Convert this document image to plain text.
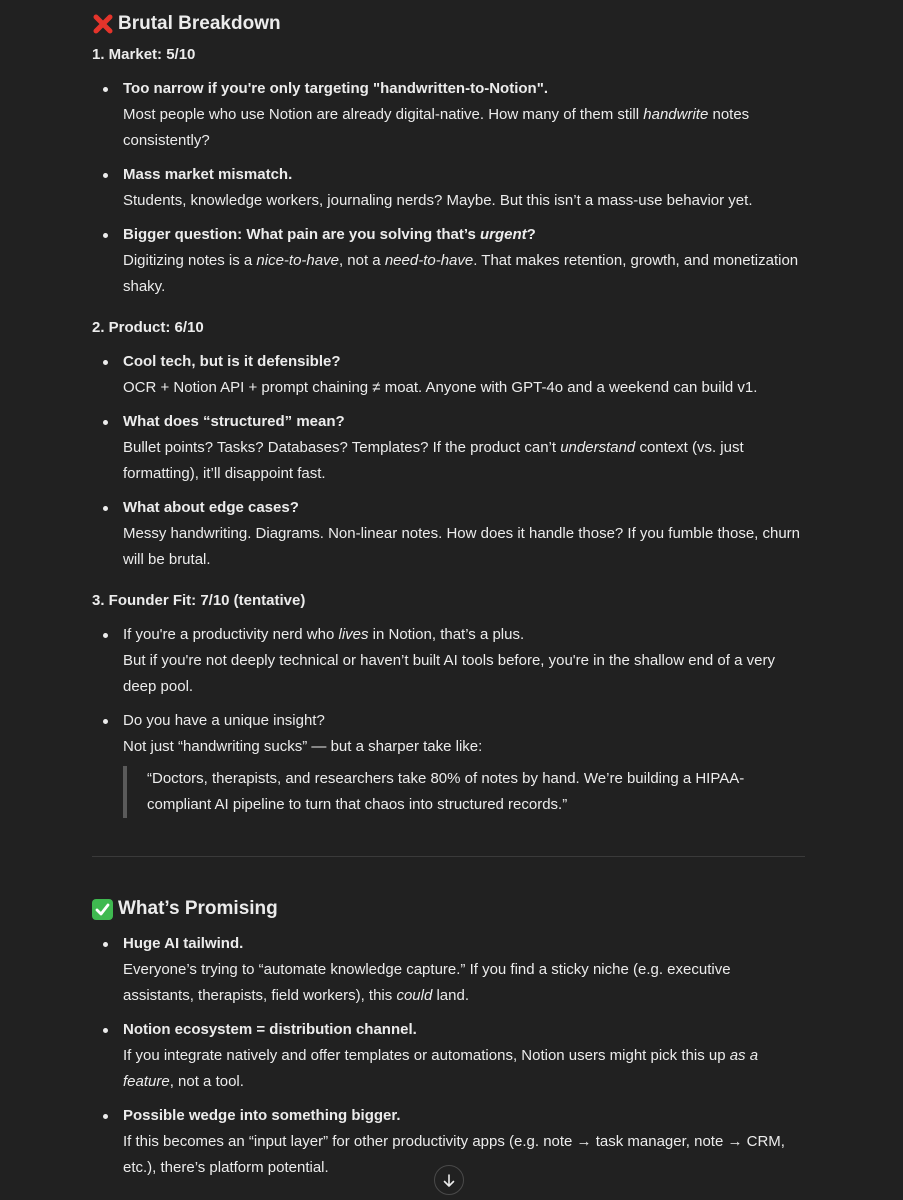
Brutal Breakdown
1. Market: 5/10
Too narrow if you're only targeting "handwritten-to-Notion".
Most people who use Notion are already digital-native. How many of them still handwrite notes consistently?
Mass market mismatch.
Students, knowledge workers, journaling nerds? Maybe. But this isn’t a mass-use behavior yet.
Bigger question: What pain are you solving that’s urgent?
Digitizing notes is a nice-to-have, not a need-to-have. That makes retention, growth, and monetization shaky.
2. Product: 6/10
Cool tech, but is it defensible?
OCR + Notion API + prompt chaining ≠ moat. Anyone with GPT-4o and a weekend can build v1.
What does “structured” mean?
Bullet points? Tasks? Databases? Templates? If the product can’t understand context (vs. just formatting), it’ll disappoint fast.
What about edge cases?
Messy handwriting. Diagrams. Non-linear notes. How does it handle those? If you fumble those, churn will be brutal.
3. Founder Fit: 7/10 (tentative)
If you're a productivity nerd who lives in Notion, that’s a plus.
But if you're not deeply technical or haven’t built AI tools before, you're in the shallow end of a very deep pool.
Do you have a unique insight?
Not just “handwriting sucks” — but a sharper take like:
“Doctors, therapists, and researchers take 80% of notes by hand. We’re building a HIPAA-compliant AI pipeline to turn that chaos into structured records.”
What’s Promising
Huge AI tailwind.
Everyone’s trying to “automate knowledge capture.” If you find a sticky niche (e.g. executive assistants, therapists, field workers), this could land.
Notion ecosystem = distribution channel.
If you integrate natively and offer templates or automations, Notion users might pick this up as a feature, not a tool.
Possible wedge into something bigger.
If this becomes an “input layer” for other productivity apps (e.g. note → task manager, note → CRM, etc.), there’s platform potential.
